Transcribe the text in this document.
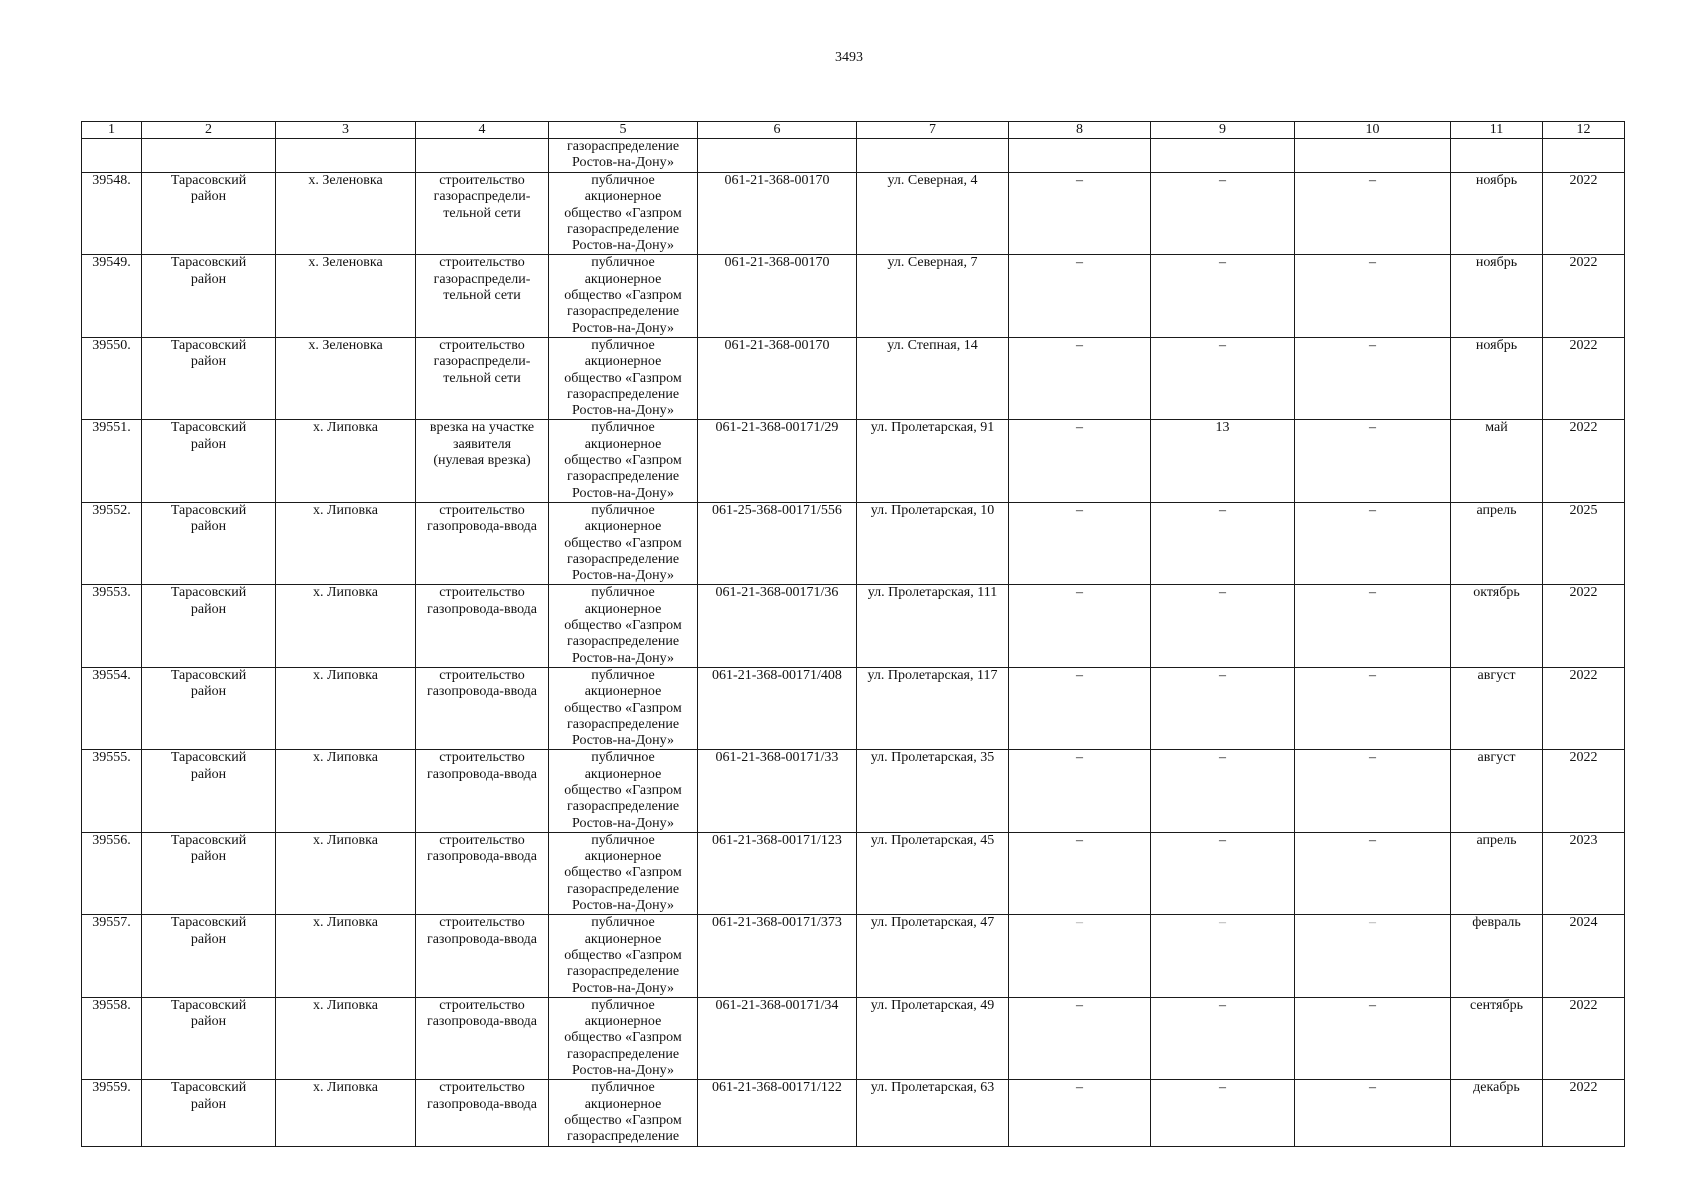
3493
1	2	3	4	5	6	7	8	9	10	11	12
				газораспределение
Ростов-на-Дону»							
39548.	Тарасовский
район	х. Зеленовка	строительство
газораспредели-
тельной сети	публичное
акционерное
общество «Газпром
газораспределение
Ростов-на-Дону»	061-21-368-00170	ул. Северная, 4	–	–	–	ноябрь	2022
39549.	Тарасовский
район	х. Зеленовка	строительство
газораспредели-
тельной сети	публичное
акционерное
общество «Газпром
газораспределение
Ростов-на-Дону»	061-21-368-00170	ул. Северная, 7	–	–	–	ноябрь	2022
39550.	Тарасовский
район	х. Зеленовка	строительство
газораспредели-
тельной сети	публичное
акционерное
общество «Газпром
газораспределение
Ростов-на-Дону»	061-21-368-00170	ул. Степная, 14	–	–	–	ноябрь	2022
39551.	Тарасовский
район	х. Липовка	врезка на участке
заявителя
(нулевая врезка)	публичное
акционерное
общество «Газпром
газораспределение
Ростов-на-Дону»	061-21-368-00171/29	ул. Пролетарская, 91	–	13	–	май	2022
39552.	Тарасовский
район	х. Липовка	строительство
газопровода-ввода	публичное
акционерное
общество «Газпром
газораспределение
Ростов-на-Дону»	061-25-368-00171/556	ул. Пролетарская, 10	–	–	–	апрель	2025
39553.	Тарасовский
район	х. Липовка	строительство
газопровода-ввода	публичное
акционерное
общество «Газпром
газораспределение
Ростов-на-Дону»	061-21-368-00171/36	ул. Пролетарская, 111	–	–	–	октябрь	2022
39554.	Тарасовский
район	х. Липовка	строительство
газопровода-ввода	публичное
акционерное
общество «Газпром
газораспределение
Ростов-на-Дону»	061-21-368-00171/408	ул. Пролетарская, 117	–	–	–	август	2022
39555.	Тарасовский
район	х. Липовка	строительство
газопровода-ввода	публичное
акционерное
общество «Газпром
газораспределение
Ростов-на-Дону»	061-21-368-00171/33	ул. Пролетарская, 35	–	–	–	август	2022
39556.	Тарасовский
район	х. Липовка	строительство
газопровода-ввода	публичное
акционерное
общество «Газпром
газораспределение
Ростов-на-Дону»	061-21-368-00171/123	ул. Пролетарская, 45	–	–	–	апрель	2023
39557.	Тарасовский
район	х. Липовка	строительство
газопровода-ввода	публичное
акционерное
общество «Газпром
газораспределение
Ростов-на-Дону»	061-21-368-00171/373	ул. Пролетарская, 47	–	–	–	февраль	2024
39558.	Тарасовский
район	х. Липовка	строительство
газопровода-ввода	публичное
акционерное
общество «Газпром
газораспределение
Ростов-на-Дону»	061-21-368-00171/34	ул. Пролетарская, 49	–	–	–	сентябрь	2022
39559.	Тарасовский
район	х. Липовка	строительство
газопровода-ввода	публичное
акционерное
общество «Газпром
газораспределение	061-21-368-00171/122	ул. Пролетарская, 63	–	–	–	декабрь	2022
